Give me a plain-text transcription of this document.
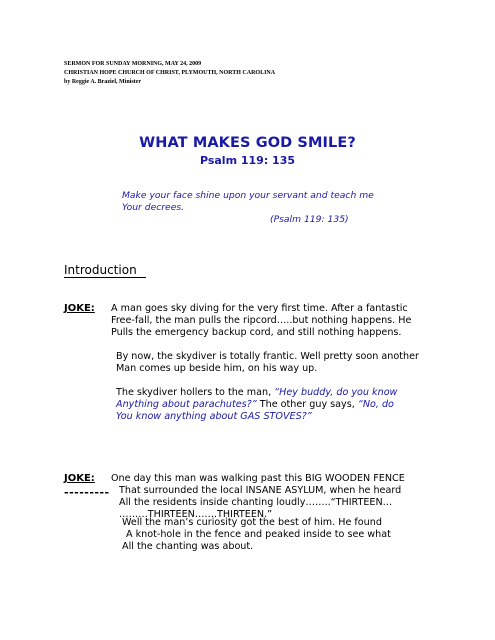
SERMON FOR SUNDAY MORNING, MAY 24, 2009
CHRISTIAN HOPE CHURCH OF CHRIST, PLYMOUTH, NORTH CAROLINA
by Reggie A. Braziel, Minister
WHAT MAKES GOD SMILE?
Psalm 119: 135
Make your face shine upon your servant and teach me
Your decrees.
(Psalm 119: 135)
Introduction
JOKE: A man goes sky diving for the very first time. After a fantastic
Free-fall, the man pulls the ripcord…..but nothing happens. He
Pulls the emergency backup cord, and still nothing happens.
By now, the skydiver is totally frantic. Well pretty soon another
Man comes up beside him, on his way up.
The skydiver hollers to the man, “Hey buddy, do you know
Anything about parachutes?” The other guy says, “No, do
You know anything about GAS STOVES?”
---------
JOKE: One day this man was walking past this BIG WOODEN FENCE
That surrounded the local INSANE ASYLUM, when he heard
All the residents inside chanting loudly……..“THIRTEEN…
………THIRTEEN…….THIRTEEN.”
Well the man’s curiosity got the best of him. He found
A knot-hole in the fence and peaked inside to see what
All the chanting was about.
